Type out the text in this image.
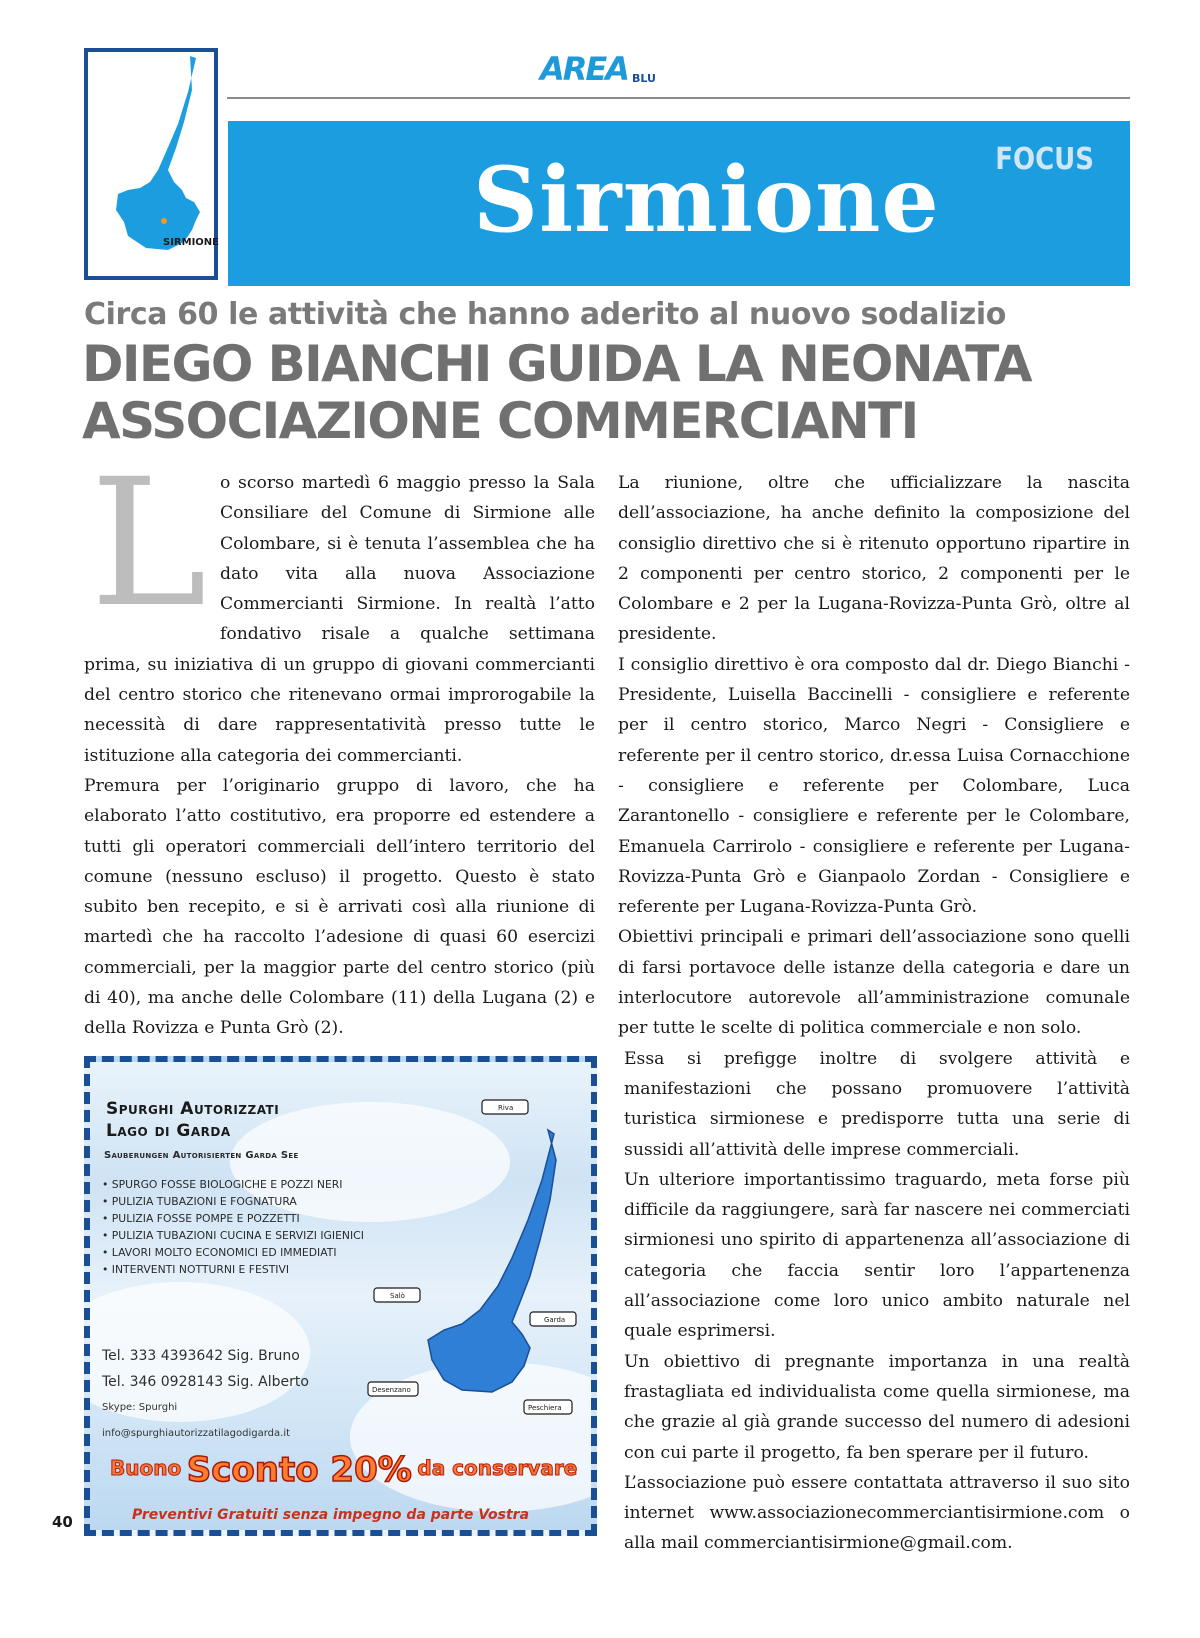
AREA BLU
SIRMIONE
FOCUS
Sirmione
Circa 60 le attività che hanno aderito al nuovo sodalizio
DIEGO BIANCHI GUIDA LA NEONATA
ASSOCIAZIONE COMMERCIANTI

Lo scorso martedì 6 maggio presso la Sala Consiliare del Comune di Sirmione alle Colombare, si è tenuta l’assemblea che ha dato vita alla nuova Associazione Commercianti Sirmione. In realtà l’atto fondativo risale a qualche settimana prima, su iniziativa di un gruppo di giovani commercianti del centro storico che ritenevano ormai improrogabile la necessità di dare rappresentatività presso tutte le istituzione alla categoria dei commercianti.

Premura per l’originario gruppo di lavoro, che ha elaborato l’atto costitutivo, era proporre ed estendere a tutti gli operatori commerciali dell’intero territorio del comune (nessuno escluso) il progetto. Questo è stato subito ben recepito, e si è arrivati così alla riunione di martedì che ha raccolto l’adesione di quasi 60 esercizi commerciali, per la maggior parte del centro storico (più di 40), ma anche delle Colombare (11) della Lugana (2) e della Rovizza e Punta Grò (2).

La riunione, oltre che ufficializzare la nascita dell’associazione, ha anche definito la composizione del consiglio direttivo che si è ritenuto opportuno ripartire in 2 componenti per centro storico, 2 componenti per le Colombare e 2 per la Lugana-Rovizza-Punta Grò, oltre al presidente.

I consiglio direttivo è ora composto dal dr. Diego Bianchi - Presidente, Luisella Baccinelli - consigliere e referente per il centro storico, Marco Negri - Consigliere e referente per il centro storico, dr.essa Luisa Cornacchione - consigliere e referente per Colombare, Luca Zarantonello - consigliere e referente per le Colombare, Emanuela Carrirolo - consigliere e referente per Lugana-Rovizza-Punta Grò e Gianpaolo Zordan - Consigliere e referente per Lugana-Rovizza-Punta Grò.

Obiettivi principali e primari dell’associazione sono quelli di farsi portavoce delle istanze della categoria e dare un interlocutore autorevole all’amministrazione comunale per tutte le scelte di politica commerciale e non solo.

Essa si prefigge inoltre di svolgere attività e manifestazioni che possano promuovere l’attività turistica sirmionese e predisporre tutta una serie di sussidi all’attività delle imprese commerciali.

Un ulteriore importantissimo traguardo, meta forse più difficile da raggiungere, sarà far nascere nei commerciati sirmionesi uno spirito di appartenenza all’associazione di categoria che faccia sentir loro l’appartenenza all’associazione come loro unico ambito naturale nel quale esprimersi.

Un obiettivo di pregnante importanza in una realtà frastagliata ed individualista come quella sirmionese, ma che grazie al già grande successo del numero di adesioni con cui parte il progetto, fa ben sperare per il futuro.

L’associazione può essere contattata attraverso il suo sito internet www.associazionecommerciantisirmione.com o alla mail commerciantisirmione@gmail.com.

Riva
Salò
Garda
Desenzano
Peschiera
Spurghi Autorizzati
Lago di Garda
Sauberungen Autorisierten Garda See
• SPURGO FOSSE BIOLOGICHE E POZZI NERI
• PULIZIA TUBAZIONI E FOGNATURA
• PULIZIA FOSSE POMPE E POZZETTI
• PULIZIA TUBAZIONI CUCINA E SERVIZI IGIENICI
• LAVORI MOLTO ECONOMICI ED IMMEDIATI
• INTERVENTI NOTTURNI E FESTIVI
Tel. 333 4393642 Sig. Bruno
Tel. 346 0928143 Sig. Alberto
Skype: Spurghi
info@spurghiautorizzatilagodigarda.it
Buono Sconto 20% da conservare
Preventivi Gratuiti senza impegno da parte Vostra
40
